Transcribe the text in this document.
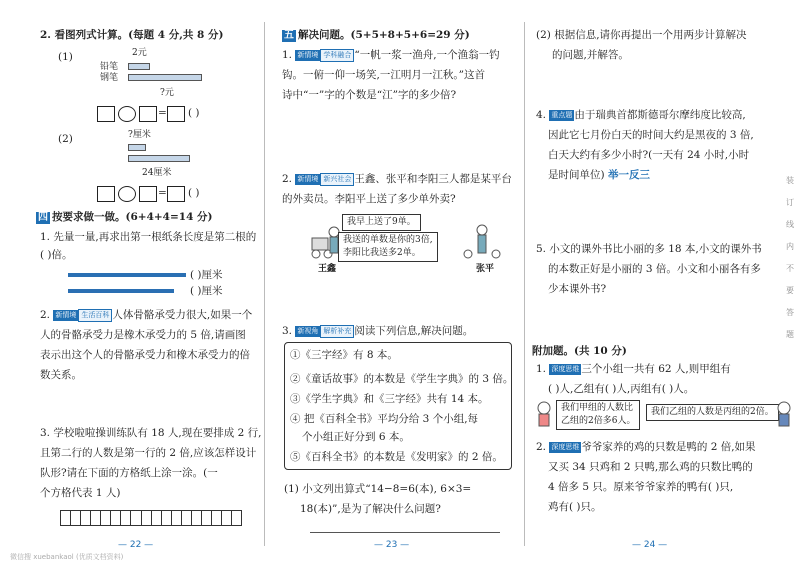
2. 看图列式计算。(每题 4 分,共 8 分)
(1)	2元
铅笔
钢笔
?元
= ( )
(2)	?厘米
24厘米
= ( )
四 按要求做一做。(6+4+4=14 分)
1. 先量一量,再求出第一根纸条长度是第二根的
( )倍。
( )厘米
( )厘米
2. 新情境 生活百科 人体骨骼承受力很大,如果一个
人的骨骼承受力是橡木承受力的 5 倍,请画图
表示出这个人的骨骼承受力和橡木承受力的倍
数关系。
3. 学校啦啦操训练队有 18 人,现在要排成 2 行,
且第二行的人数是第一行的 2 倍,应该怎样设计
队形?请在下面的方格纸上涂一涂。(一
个方格代表 1 人)
— 22 —
微信搜 xuebankaol (优质文档资料)
五 解决问题。(5+5+8+5+6=29 分)
1. 新情境 学科融合 “一帆一浆一渔舟,一个渔翁一钓
钩。一俯一仰一场笑,一江明月一江秋。”这首
诗中“一”字的个数是“江”字的多少倍?
2. 新情境 新兴社会 王鑫、张平和李阳三人都是某平台
的外卖员。李阳平上送了多少单外卖?
我早上送了9单。
我送的单数是你的3倍,
李阳比我送多2单。
王鑫	张平
3. 新视角 解析补充 阅读下列信息,解决问题。
①《三字经》有 8 本。
②《童话故事》的本数是《学生字典》的 3 倍。
③《学生字典》和《三字经》共有 14 本。
④ 把《百科全书》平均分给 3 个小组,每
个小组正好分到 6 本。
⑤《百科全书》的本数是《发明家》的 2 倍。
(1) 小文列出算式“14−8=6(本), 6×3=
18(本)”,是为了解决什么问题?
— 23 —
(2) 根据信息,请你再提出一个用两步计算解决
的问题,并解答。
4. 重点题 由于瑞典首都斯德哥尔摩纬度比较高,
因此它七月份白天的时间大约是黑夜的 3 倍,
白天大约有多少小时?(一天有 24 小时,小时
是时间单位) 举一反三
5. 小文的课外书比小丽的多 18 本,小文的课外书
的本数正好是小丽的 3 倍。小文和小丽各有多
少本课外书?
附加题。(共 10 分)
1. 深度思维 三个小组一共有 62 人,则甲组有
( )人,乙组有( )人,丙组有( )人。
我们甲组的人数比
乙组的2倍多6人。
我们乙组的人数是丙组的2倍。
2. 深度思维 爷爷家养的鸡的只数是鸭的 2 倍,如果
又买 34 只鸡和 2 只鸭,那么鸡的只数比鸭的
4 倍多 5 只。原来爷爷家养的鸭有( )只,
鸡有( )只。
— 24 —
装 订 线 内 不 要 答 题
